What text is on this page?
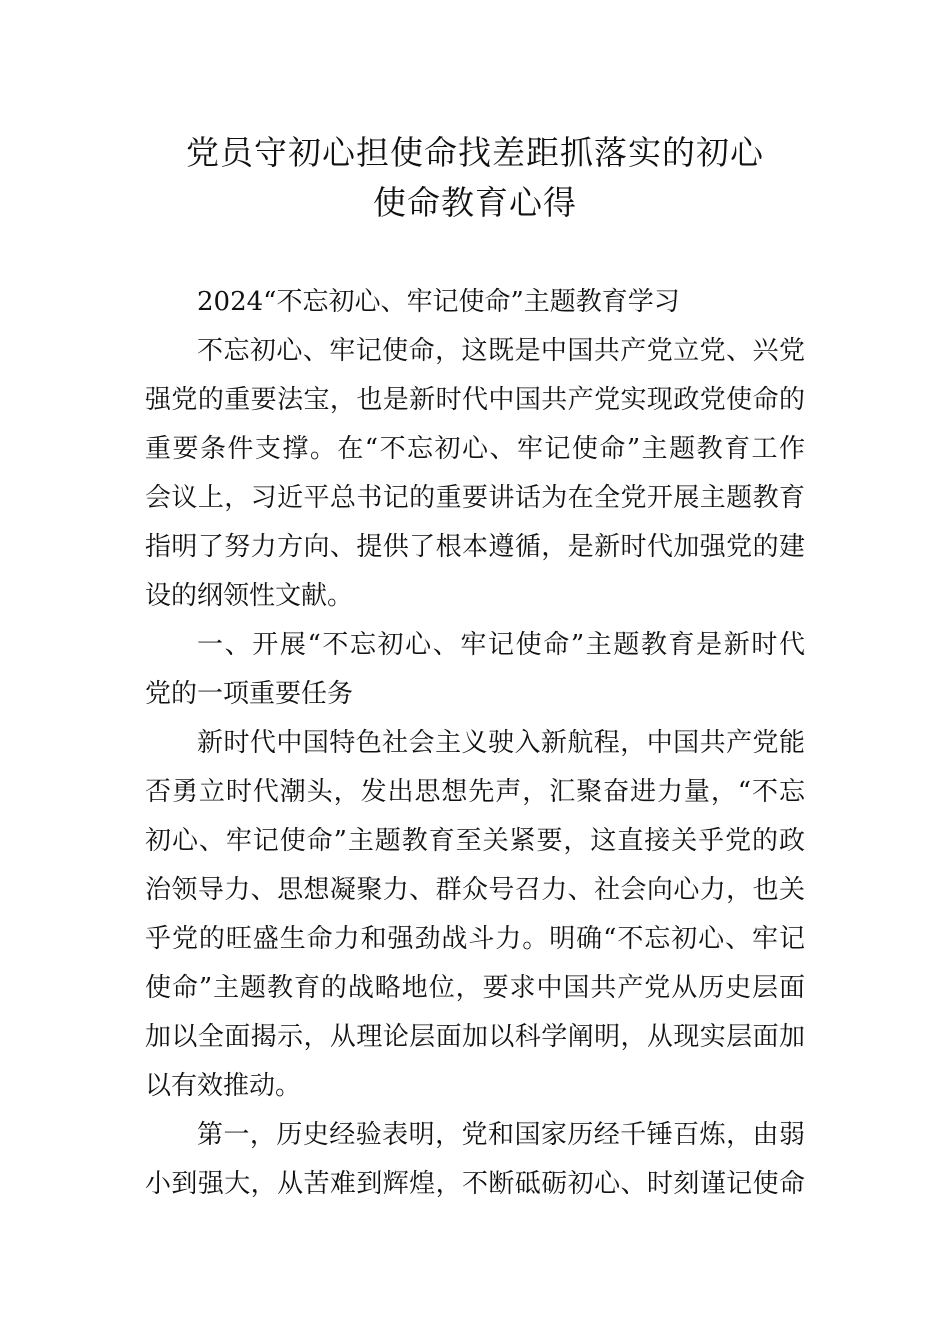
党员守初心担使命找差距抓落实的初心
使命教育心得
2024“不忘初心、牢记使命”主题教育学习
不忘初心、牢记使命，这既是中国共产党立党、兴党
强党的重要法宝，也是新时代中国共产党实现政党使命的
重要条件支撑。在“不忘初心、牢记使命”主题教育工作
会议上，习近平总书记的重要讲话为在全党开展主题教育
指明了努力方向、提供了根本遵循，是新时代加强党的建
设的纲领性文献。
一、开展“不忘初心、牢记使命”主题教育是新时代
党的一项重要任务
新时代中国特色社会主义驶入新航程，中国共产党能
否勇立时代潮头，发出思想先声，汇聚奋进力量，“不忘
初心、牢记使命”主题教育至关紧要，这直接关乎党的政
治领导力、思想凝聚力、群众号召力、社会向心力，也关
乎党的旺盛生命力和强劲战斗力。明确“不忘初心、牢记
使命”主题教育的战略地位，要求中国共产党从历史层面
加以全面揭示，从理论层面加以科学阐明，从现实层面加
以有效推动。
第一，历史经验表明，党和国家历经千锤百炼，由弱
小到强大，从苦难到辉煌，不断砥砺初心、时刻谨记使命
